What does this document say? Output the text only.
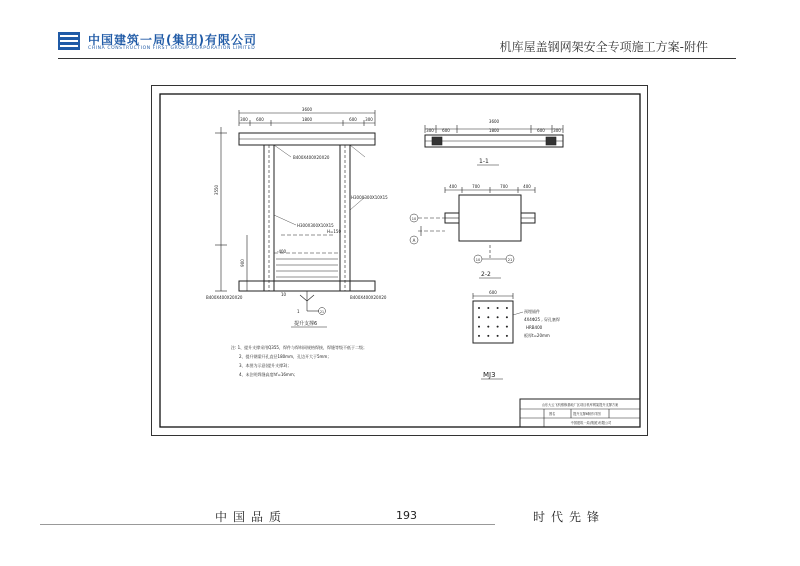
中国建筑一局(集团)有限公司
CHINA CONSTRUCTION FIRST GROUP CORPORATION LIMITED	机库屋盖钢网架安全专项施工方案-附件
3600
300 600	1800	600 300
3550
900
B400X400X20X20
H300X300X10X15
H300X300X10X15
B400X400X20X20	B400X400X20X20
H=150
-400
10
1	21
提升支撑6
3600
300 600	1800	600 300
1-1
400	700	700	400
10
A
10	21
2-2
600
预埋锚件
4X4Φ25 , 穿孔塞焊
HRB400
板厚t=20mm
MJ3
注: 1、提升支撑采用Q355，焊件与焊料同规格焊接，焊缝等级不低于二级；
2、提升钢梁开孔直径180mm，孔边开大于5mm；
3、本图为示意(提升支撑3)；
4、未注明焊缝高度hf=16mm；
山东大云飞机维修基地厂区项目机库网架提升支撑方案
图名	提升支撑6制作详图
中国建筑一局(集团)有限公司
中国品质	193	时代先锋
